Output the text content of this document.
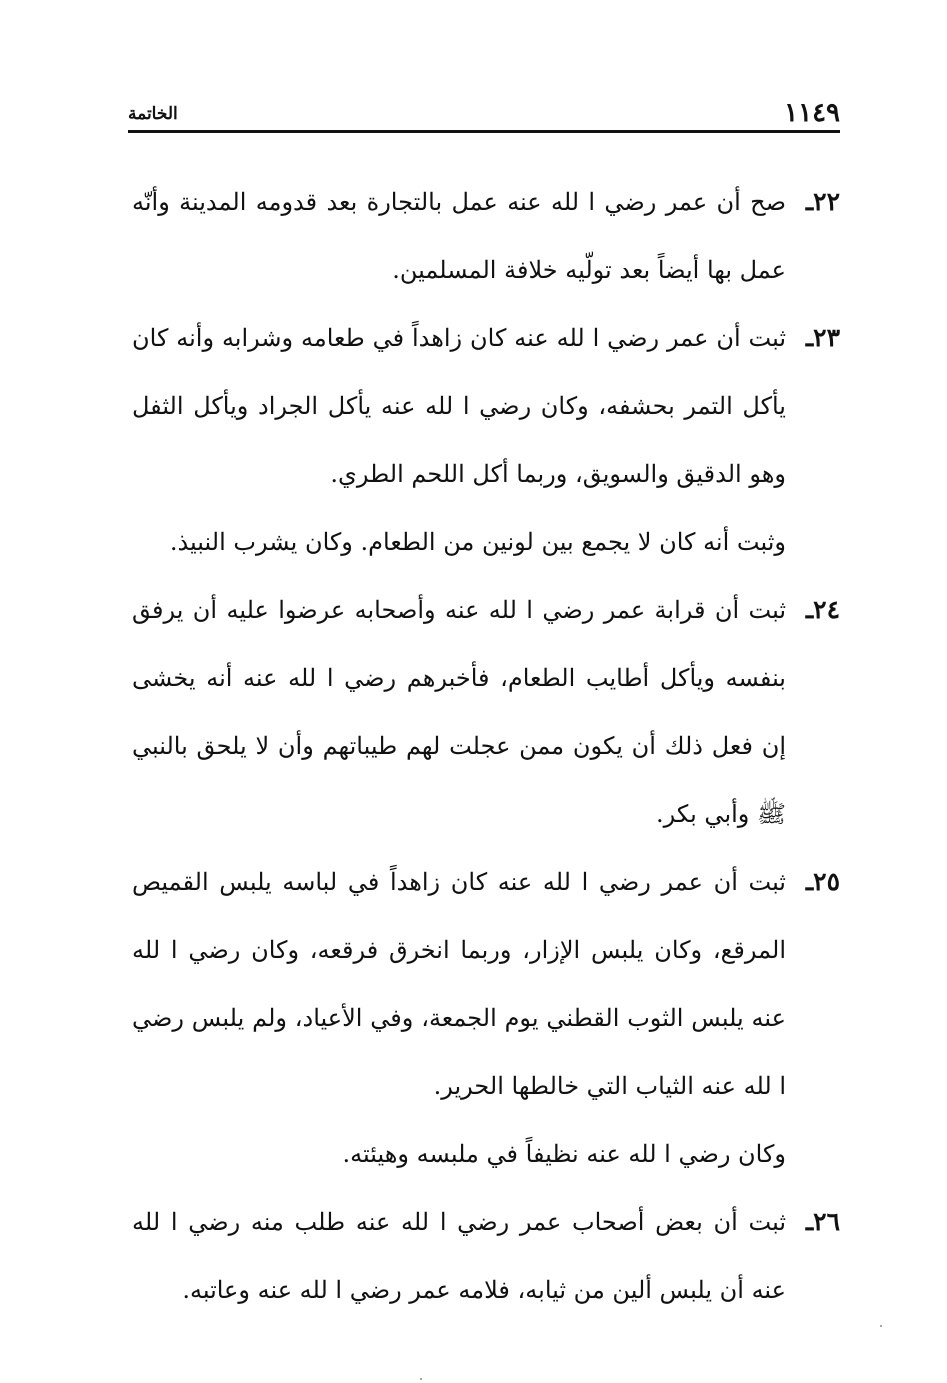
١١٤٩
الخاتمة
٢٢ـ

صح أن عمر رضي ا لله عنه عمل بالتجارة بعد قدومه المدينة وأنّه عمل بها أيضاً بعد تولّيه خلافة المسلمين.

٢٣ـ

ثبت أن عمر رضي ا لله عنه كان زاهداً في طعامه وشرابه وأنه كان يأكل التمر بحشفه، وكان رضي ا لله عنه يأكل الجراد ويأكل الثفل وهو الدقيق والسويق، وربما أكل اللحم الطري.

وثبت أنه كان لا يجمع بين لونين من الطعام. وكان يشرب النبيذ.

٢٤ـ

ثبت أن قرابة عمر رضي ا لله عنه وأصحابه عرضوا عليه أن يرفق بنفسه ويأكل أطايب الطعام، فأخبرهم رضي ا لله عنه أنه يخشى إن فعل ذلك أن يكون ممن عجلت لهم طيباتهم وأن لا يلحق بالنبي ﷺ وأبي بكر.

٢٥ـ

ثبت أن عمر رضي ا لله عنه كان زاهداً في لباسه يلبس القميص المرقع، وكان يلبس الإزار، وربما انخرق فرقعه، وكان رضي ا لله عنه يلبس الثوب القطني يوم الجمعة، وفي الأعياد، ولم يلبس رضي ا لله عنه الثياب التي خالطها الحرير.

وكان رضي ا لله عنه نظيفاً في ملبسه وهيئته.

٢٦ـ

ثبت أن بعض أصحاب عمر رضي ا لله عنه طلب منه رضي ا لله عنه أن يلبس ألين من ثيابه، فلامه عمر رضي ا لله عنه وعاتبه.
